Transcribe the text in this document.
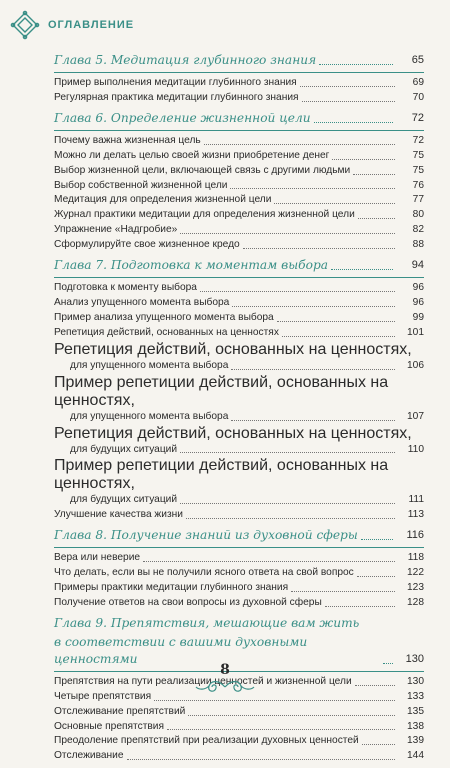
ОГЛАВЛЕНИЕ
Глава 5. Медитация глубинного знания	65
Пример выполнения медитации глубинного знания	69
Регулярная практика медитации глубинного знания	70
Глава 6. Определение жизненной цели	72
Почему важна жизненная цель	72
Можно ли делать целью своей жизни приобретение денег	75
Выбор жизненной цели, включающей связь с другими людьми	75
Выбор собственной жизненной цели	76
Медитация для определения жизненной цели	77
Журнал практики медитации для определения жизненной цели	80
Упражнение «Надгробие»	82
Сформулируйте свое жизненное кредо	88
Глава 7. Подготовка к моментам выбора	94
Подготовка к моменту выбора	96
Анализ упущенного момента выбора	96
Пример анализа упущенного момента выбора	99
Репетиция действий, основанных на ценностях	101
Репетиция действий, основанных на ценностях,
для упущенного момента выбора	106
Пример репетиции действий, основанных на ценностях,
для упущенного момента выбора	107
Репетиция действий, основанных на ценностях,
для будущих ситуаций	110
Пример репетиции действий, основанных на ценностях,
для будущих ситуаций	111
Улучшение качества жизни	113
Глава 8. Получение знаний из духовной сферы	116
Вера или неверие	118
Что делать, если вы не получили ясного ответа на свой вопрос	122
Примеры практики медитации глубинного знания	123
Получение ответов на свои вопросы из духовной сферы	128
Глава 9. Препятствия, мешающие вам жить
в соответствии с вашими духовными ценностями	130
Препятствия на пути реализации ценностей и жизненной цели	130
Четыре препятствия	133
Отслеживание препятствий	135
Основные препятствия	138
Преодоление препятствий при реализации духовных ценностей	139
Отслеживание	144
8
